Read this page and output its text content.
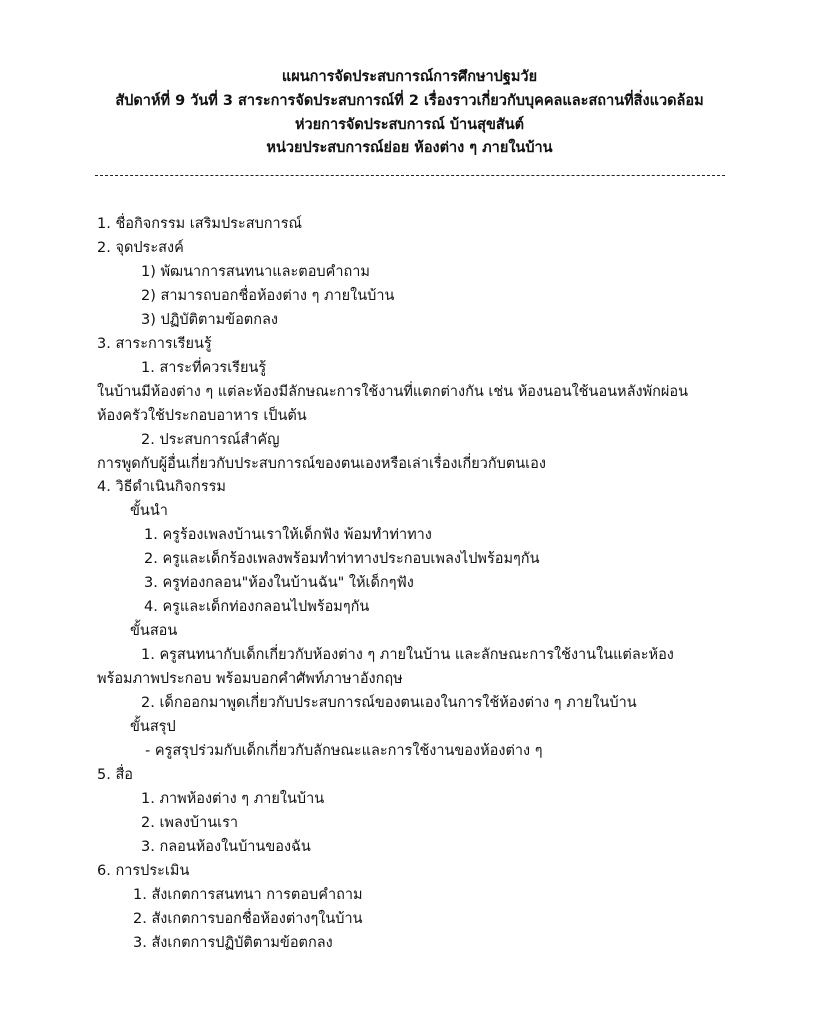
แผนการจัดประสบการณ์การศึกษาปฐมวัย
สัปดาห์ที่ 9 วันที่ 3 สาระการจัดประสบการณ์ที่ 2 เรื่องราวเกี่ยวกับบุคคลและสถานที่สิ่งแวดล้อม
ห่วยการจัดประสบการณ์ บ้านสุขสันต์
หน่วยประสบการณ์ย่อย ห้องต่าง ๆ ภายในบ้าน
1. ชื่อกิจกรรม เสริมประสบการณ์
2. จุดประสงค์
1) พัฒนาการสนทนาและตอบคำถาม
2) สามารถบอกชื่อห้องต่าง ๆ ภายในบ้าน
3) ปฏิบัติตามข้อตกลง
3. สาระการเรียนรู้
1. สาระที่ควรเรียนรู้
ในบ้านมีห้องต่าง ๆ แต่ละห้องมีลักษณะการใช้งานที่แตกต่างกัน เช่น ห้องนอนใช้นอนหลังพักผ่อน
ห้องครัวใช้ประกอบอาหาร เป็นต้น
2. ประสบการณ์สำคัญ
การพูดกับผู้อื่นเกี่ยวกับประสบการณ์ของตนเองหรือเล่าเรื่องเกี่ยวกับตนเอง
4. วิธีดำเนินกิจกรรม
ขั้นนำ
1. ครูร้องเพลงบ้านเราให้เด็กฟัง พ้อมทำท่าทาง
2. ครูและเด็กร้องเพลงพร้อมทำท่าทางประกอบเพลงไปพร้อมๆกัน
3. ครูท่องกลอน"ห้องในบ้านฉัน" ให้เด็กๆฟัง
4. ครูและเด็กท่องกลอนไปพร้อมๆกัน
ขั้นสอน
1. ครูสนทนากับเด็กเกี่ยวกับห้องต่าง ๆ ภายในบ้าน และลักษณะการใช้งานในแต่ละห้อง
พร้อมภาพประกอบ พร้อมบอกคำศัพท์ภาษาอังกฤษ
2. เด็กออกมาพูดเกี่ยวกับประสบการณ์ของตนเองในการใช้ห้องต่าง ๆ ภายในบ้าน
ขั้นสรุป
- ครูสรุปร่วมกับเด็กเกี่ยวกับลักษณะและการใช้งานของห้องต่าง ๆ
5. สื่อ
1. ภาพห้องต่าง ๆ ภายในบ้าน
2. เพลงบ้านเรา
3. กลอนห้องในบ้านของฉัน
6. การประเมิน
1. สังเกตการสนทนา การตอบคำถาม
2. สังเกตการบอกชื่อห้องต่างๆในบ้าน
3. สังเกตการปฏิบัติตามข้อตกลง
